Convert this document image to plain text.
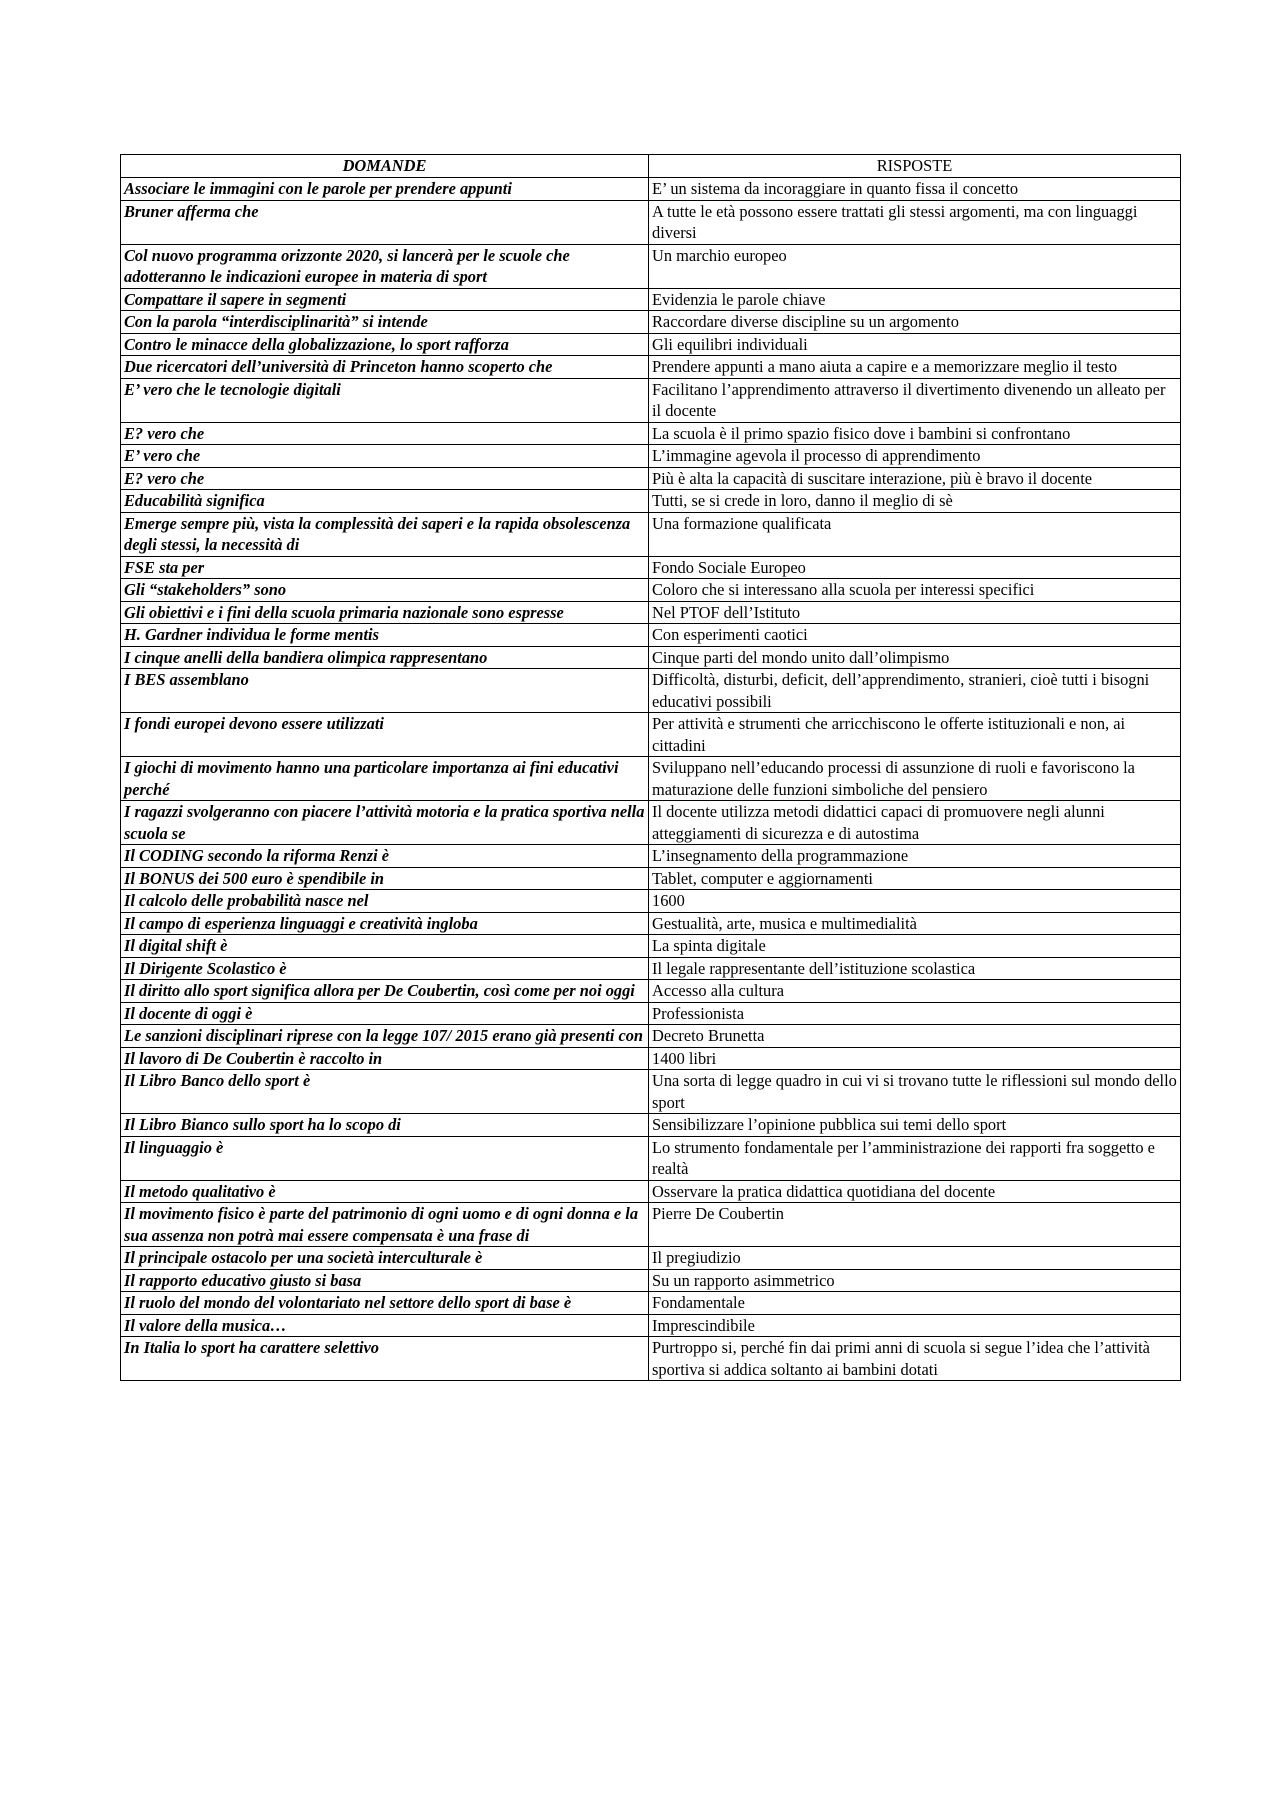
DOMANDE	RISPOSTE
Associare le immagini con le parole per prendere appunti	E’ un sistema da incoraggiare in quanto fissa il concetto
Bruner afferma che	A tutte le età possono essere trattati gli stessi argomenti, ma con linguaggi diversi
Col nuovo programma orizzonte 2020, si lancerà per le scuole che adotteranno le indicazioni europee in materia di sport	Un marchio europeo
Compattare il sapere in segmenti	Evidenzia le parole chiave
Con la parola “interdisciplinarità” si intende	Raccordare diverse discipline su un argomento
Contro le minacce della globalizzazione, lo sport rafforza	Gli equilibri individuali
Due ricercatori dell’università di Princeton hanno scoperto che	Prendere appunti a mano aiuta a capire e a memorizzare meglio il testo
E’ vero che le tecnologie digitali	Facilitano l’apprendimento attraverso il divertimento divenendo un alleato per il docente
E? vero che	La scuola è il primo spazio fisico dove i bambini si confrontano
E’ vero che	L’immagine agevola il processo di apprendimento
E? vero che	Più è alta la capacità di suscitare interazione, più è bravo il docente
Educabilità significa	Tutti, se si crede in loro, danno il meglio di sè
Emerge sempre più, vista la complessità dei saperi e la rapida obsolescenza degli stessi, la necessità di	Una formazione qualificata
FSE sta per	Fondo Sociale Europeo
Gli “stakeholders” sono	Coloro che si interessano alla scuola per interessi specifici
Gli obiettivi e i fini della scuola primaria nazionale sono espresse	Nel PTOF dell’Istituto
H. Gardner individua le forme mentis	Con esperimenti caotici
I cinque anelli della bandiera olimpica rappresentano	Cinque parti del mondo unito dall’olimpismo
I BES assemblano	Difficoltà, disturbi, deficit, dell’apprendimento, stranieri, cioè tutti i bisogni educativi possibili
I fondi europei devono essere utilizzati	Per attività e strumenti che arricchiscono le offerte istituzionali e non, ai cittadini
I giochi di movimento hanno una particolare importanza ai fini educativi perché	Sviluppano nell’educando processi di assunzione di ruoli e favoriscono la maturazione delle funzioni simboliche del pensiero
I ragazzi svolgeranno con piacere l’attività motoria e la pratica sportiva nella scuola se	Il docente utilizza metodi didattici capaci di promuovere negli alunni atteggiamenti di sicurezza e di autostima
Il CODING secondo la riforma Renzi è	L’insegnamento della programmazione
Il BONUS dei 500 euro è spendibile in	Tablet, computer e aggiornamenti
Il calcolo delle probabilità nasce nel	1600
Il campo di esperienza linguaggi e creatività ingloba	Gestualità, arte, musica e multimedialità
Il digital shift è	La spinta digitale
Il Dirigente Scolastico è	Il legale rappresentante dell’istituzione scolastica
Il diritto allo sport significa allora per De Coubertin, così come per noi oggi	Accesso alla cultura
Il docente di oggi è	Professionista
Le sanzioni disciplinari riprese con la legge 107/ 2015 erano già presenti con	Decreto Brunetta
Il lavoro di De Coubertin è raccolto in	1400 libri
Il Libro Banco dello sport è	Una sorta di legge quadro in cui vi si trovano tutte le riflessioni sul mondo dello sport
Il Libro Bianco sullo sport ha lo scopo di	Sensibilizzare l’opinione pubblica sui temi dello sport
Il linguaggio è	Lo strumento fondamentale per l’amministrazione dei rapporti fra soggetto e realtà
Il metodo qualitativo è	Osservare la pratica didattica quotidiana del docente
Il movimento fisico è parte del patrimonio di ogni uomo e di ogni donna e la sua assenza non potrà mai essere compensata è una frase di	Pierre De Coubertin
Il principale ostacolo per una società interculturale è	Il pregiudizio
Il rapporto educativo giusto si basa	Su un rapporto asimmetrico
Il ruolo del mondo del volontariato nel settore dello sport di base è	Fondamentale
Il valore della musica…	Imprescindibile
In Italia lo sport ha carattere selettivo	Purtroppo si, perché fin dai primi anni di scuola si segue l’idea che l’attività sportiva si addica soltanto ai bambini dotati
